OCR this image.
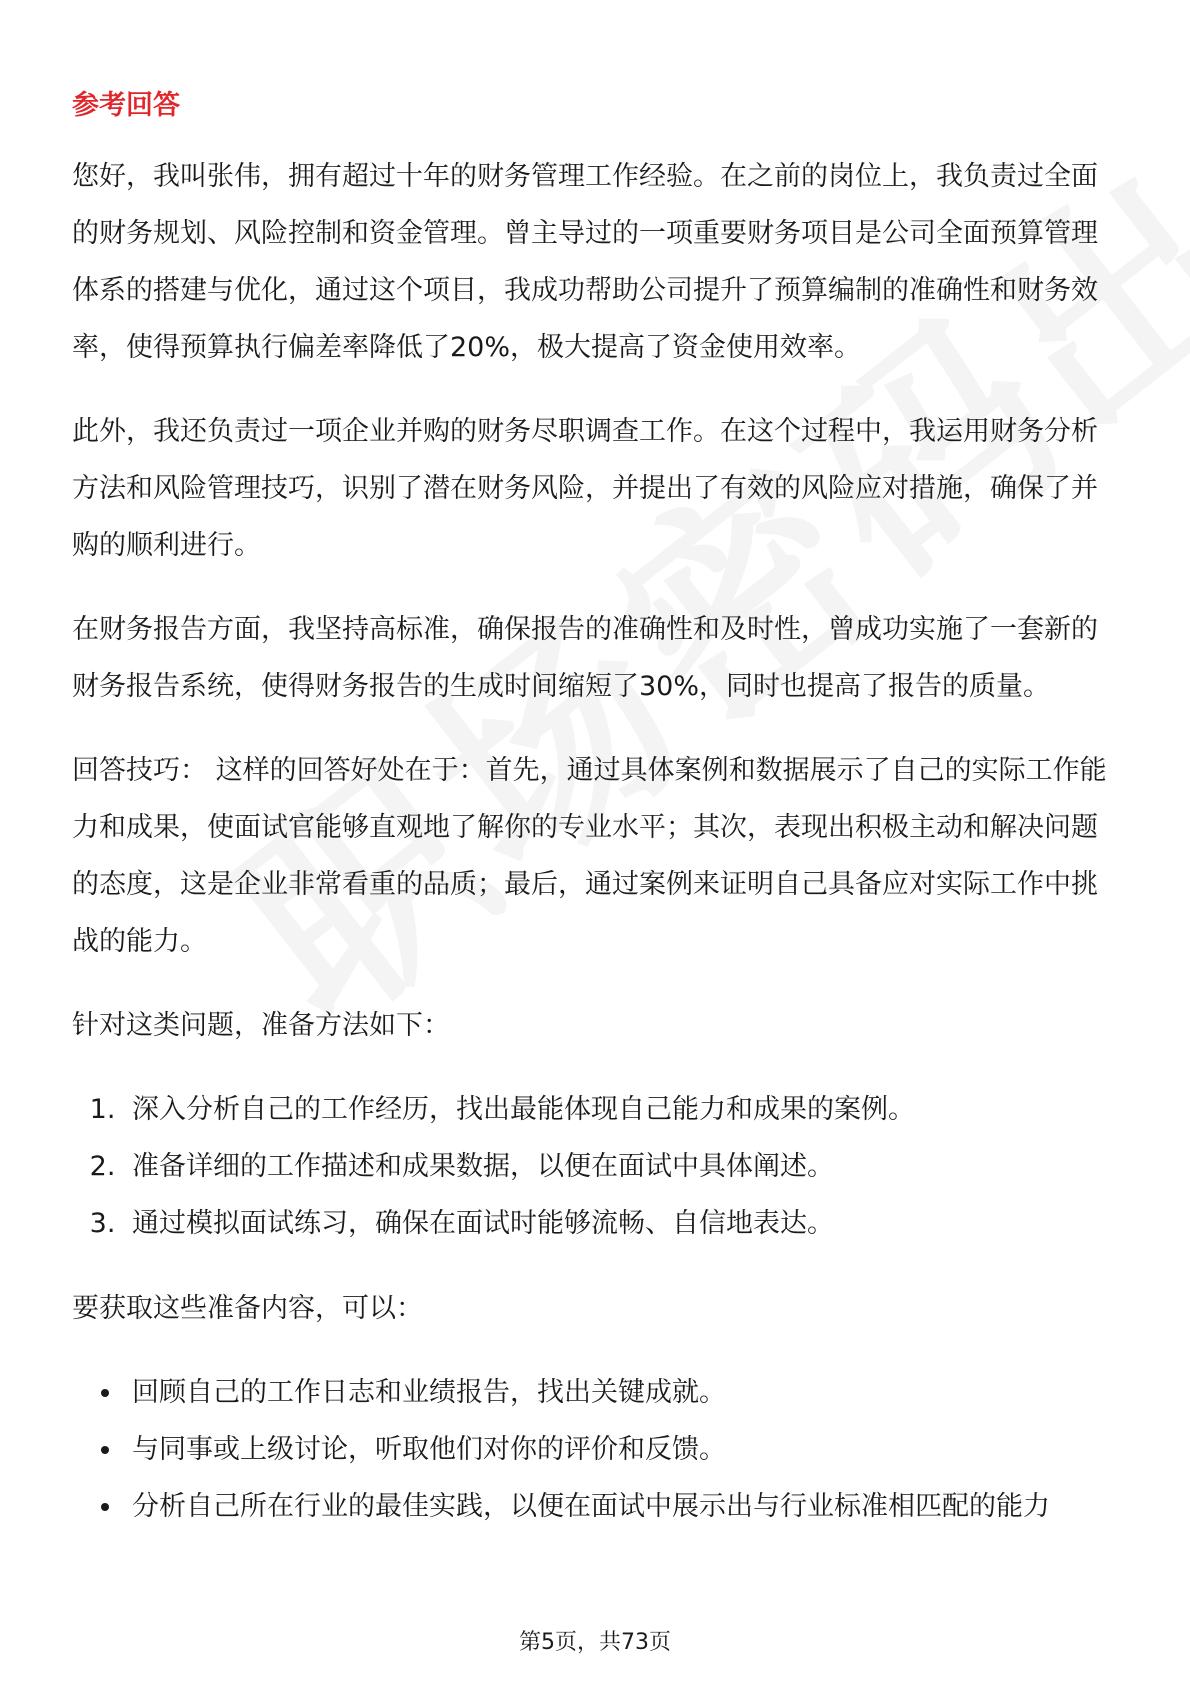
参考回答

您好，我叫张伟，拥有超过十年的财务管理工作经验。在之前的岗位上，我负责过全面的财务规划、风险控制和资金管理。曾主导过的一项重要财务项目是公司全面预算管理体系的搭建与优化，通过这个项目，我成功帮助公司提升了预算编制的准确性和财务效率，使得预算执行偏差率降低了20%，极大提高了资金使用效率。

此外，我还负责过一项企业并购的财务尽职调查工作。在这个过程中，我运用财务分析方法和风险管理技巧，识别了潜在财务风险，并提出了有效的风险应对措施，确保了并购的顺利进行。

在财务报告方面，我坚持高标准，确保报告的准确性和及时性，曾成功实施了一套新的财务报告系统，使得财务报告的生成时间缩短了30%，同时也提高了报告的质量。

回答技巧： 这样的回答好处在于：首先，通过具体案例和数据展示了自己的实际工作能力和成果，使面试官能够直观地了解你的专业水平；其次，表现出积极主动和解决问题的态度，这是企业非常看重的品质；最后，通过案例来证明自己具备应对实际工作中挑战的能力。

针对这类问题，准备方法如下：

1. 深入分析自己的工作经历，找出最能体现自己能力和成果的案例。
2. 准备详细的工作描述和成果数据，以便在面试中具体阐述。
3. 通过模拟面试练习，确保在面试时能够流畅、自信地表达。

要获取这些准备内容，可以：

• 回顾自己的工作日志和业绩报告，找出关键成就。
• 与同事或上级讨论，听取他们对你的评价和反馈。
• 分析自己所在行业的最佳实践，以便在面试中展示出与行业标准相匹配的能力
第5页，共73页
